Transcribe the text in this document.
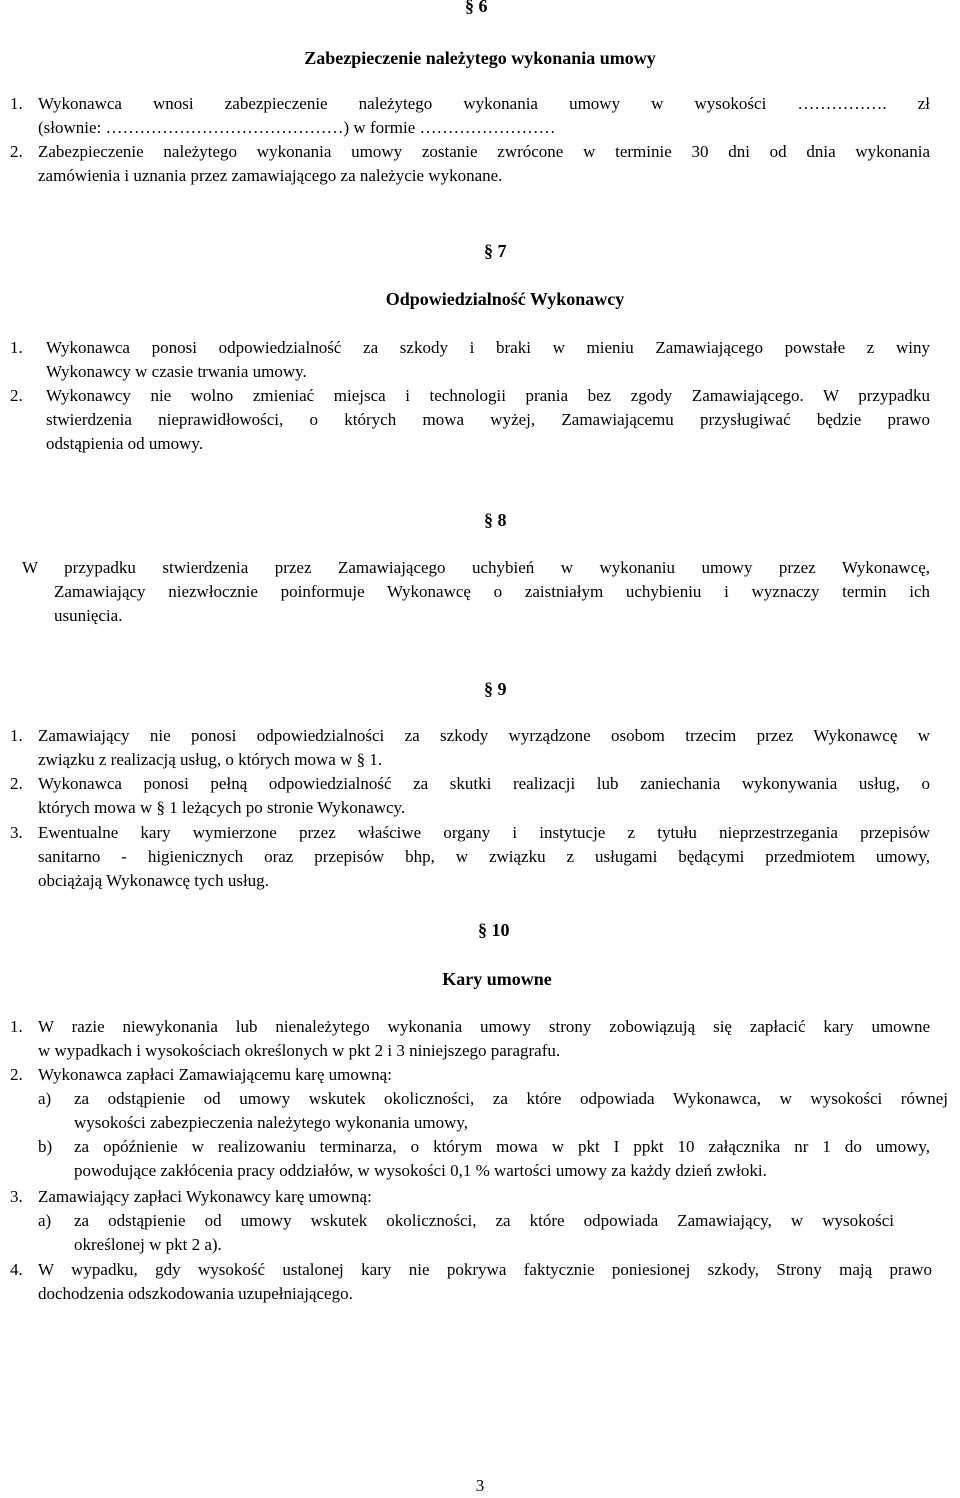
§ 6
Zabezpieczenie należytego wykonania umowy
1. Wykonawca wnosi zabezpieczenie należytego wykonania umowy w wysokości ……………. zł
(słownie: ……………………………………) w formie ……………………
2. Zabezpieczenie należytego wykonania umowy zostanie zwrócone w terminie 30 dni od dnia wykonania
zamówienia i uznania przez zamawiającego za należycie wykonane.
§ 7
Odpowiedzialność Wykonawcy
1. Wykonawca ponosi odpowiedzialność za szkody i braki w mieniu Zamawiającego powstałe z winy
Wykonawcy w czasie trwania umowy.
2. Wykonawcy nie wolno zmieniać miejsca i technologii prania bez zgody Zamawiającego. W przypadku
stwierdzenia nieprawidłowości, o których mowa wyżej, Zamawiającemu przysługiwać będzie prawo
odstąpienia od umowy.
§ 8
W przypadku stwierdzenia przez Zamawiającego uchybień w wykonaniu umowy przez Wykonawcę,
Zamawiający niezwłocznie poinformuje Wykonawcę o zaistniałym uchybieniu i wyznaczy termin ich
usunięcia.
§ 9
1. Zamawiający nie ponosi odpowiedzialności za szkody wyrządzone osobom trzecim przez Wykonawcę w
związku z realizacją usług, o których mowa w § 1.
2. Wykonawca ponosi pełną odpowiedzialność za skutki realizacji lub zaniechania wykonywania usług, o
których mowa w § 1 leżących po stronie Wykonawcy.
3. Ewentualne kary wymierzone przez właściwe organy i instytucje z tytułu nieprzestrzegania przepisów
sanitarno - higienicznych oraz przepisów bhp, w związku z usługami będącymi przedmiotem umowy,
obciążają Wykonawcę tych usług.
§ 10
Kary umowne
1. W razie niewykonania lub nienależytego wykonania umowy strony zobowiązują się zapłacić kary umowne
w wypadkach i wysokościach określonych w pkt 2 i 3 niniejszego paragrafu.
2. Wykonawca zapłaci Zamawiającemu karę umowną:
a) za odstąpienie od umowy wskutek okoliczności, za które odpowiada Wykonawca, w wysokości równej
wysokości zabezpieczenia należytego wykonania umowy,
b) za opóźnienie w realizowaniu terminarza, o którym mowa w pkt I ppkt 10 załącznika nr 1 do umowy,
powodujące zakłócenia pracy oddziałów, w wysokości 0,1 % wartości umowy za każdy dzień zwłoki.
3. Zamawiający zapłaci Wykonawcy karę umowną:
a) za odstąpienie od umowy wskutek okoliczności, za które odpowiada Zamawiający, w wysokości
określonej w pkt 2 a).
4. W wypadku, gdy wysokość ustalonej kary nie pokrywa faktycznie poniesionej szkody, Strony mają prawo
dochodzenia odszkodowania uzupełniającego.
3
